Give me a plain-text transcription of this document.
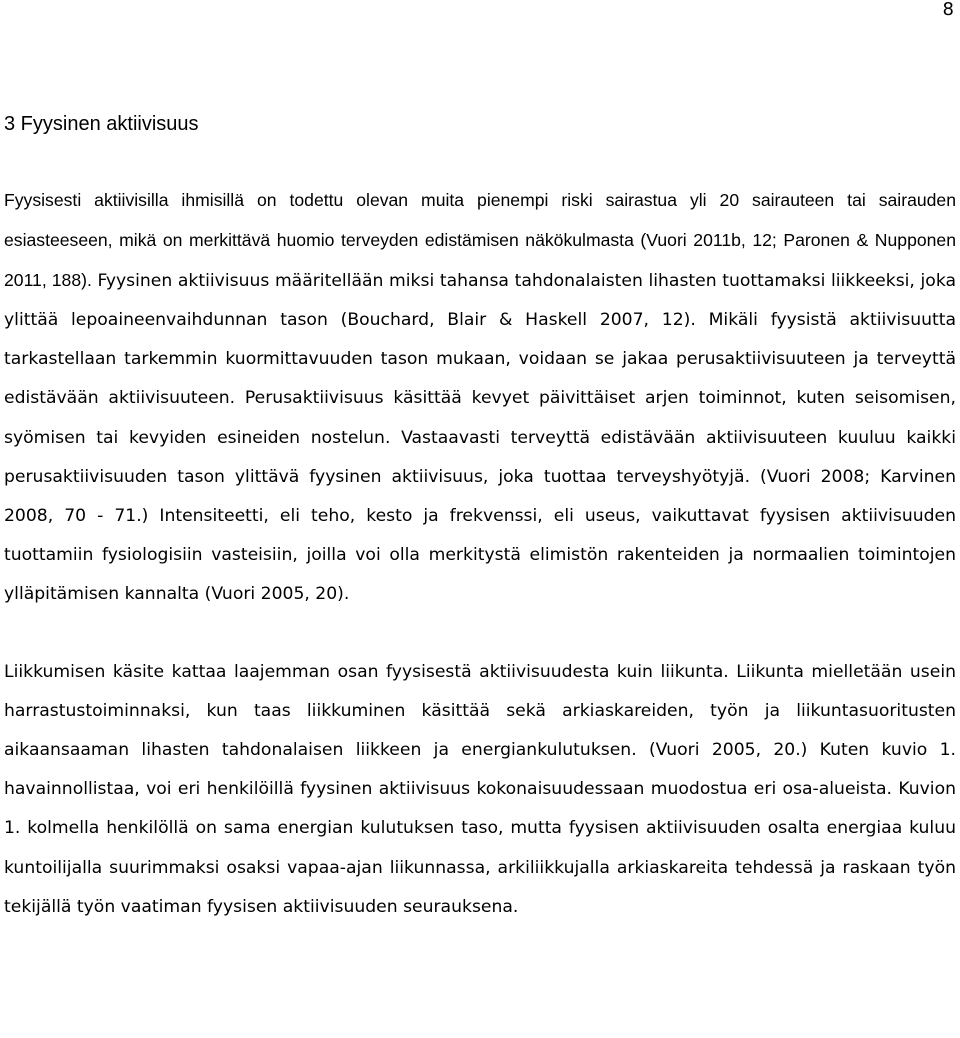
8
3 Fyysinen aktiivisuus

Fyysisesti aktiivisilla ihmisillä on todettu olevan muita pienempi riski sairastua yli 20 sairauteen tai sairauden esiasteeseen, mikä on merkittävä huomio terveyden edistämisen näkökulmasta (Vuori 2011b, 12; Paronen & Nupponen 2011, 188). Fyysinen aktiivisuus määritellään miksi tahansa tahdonalaisten lihasten tuottamaksi liikkeeksi, joka ylittää lepoaineenvaihdunnan tason (Bouchard, Blair & Haskell 2007, 12). Mikäli fyysistä aktiivisuutta tarkastellaan tarkemmin kuormittavuuden tason mukaan, voidaan se jakaa perusaktiivisuuteen ja terveyttä edistävään aktiivisuuteen. Perusaktiivisuus käsittää kevyet päivittäiset arjen toiminnot, kuten seisomisen, syömisen tai kevyiden esineiden nostelun. Vastaavasti terveyttä edistävään aktiivisuuteen kuuluu kaikki perusaktiivisuuden tason ylittävä fyysinen aktiivisuus, joka tuottaa terveyshyötyjä. (Vuori 2008; Karvinen 2008, 70 - 71.) Intensiteetti, eli teho, kesto ja frekvenssi, eli useus, vaikuttavat fyysisen aktiivisuuden tuottamiin fysiologisiin vasteisiin, joilla voi olla merkitystä elimistön rakenteiden ja normaalien toimintojen ylläpitämisen kannalta (Vuori 2005, 20).

Liikkumisen käsite kattaa laajemman osan fyysisestä aktiivisuudesta kuin liikunta. Liikunta mielletään usein harrastustoiminnaksi, kun taas liikkuminen käsittää sekä arkiaskareiden, työn ja liikuntasuoritusten aikaansaaman lihasten tahdonalaisen liikkeen ja energiankulutuksen. (Vuori 2005, 20.) Kuten kuvio 1. havainnollistaa, voi eri henkilöillä fyysinen aktiivisuus kokonaisuudessaan muodostua eri osa-alueista. Kuvion 1. kolmella henkilöllä on sama energian kulutuksen taso, mutta fyysisen aktiivisuuden osalta energiaa kuluu kuntoilijalla suurimmaksi osaksi vapaa-ajan liikunnassa, arkiliikkujalla arkiaskareita tehdessä ja raskaan työn tekijällä työn vaatiman fyysisen aktiivisuuden seurauksena.
